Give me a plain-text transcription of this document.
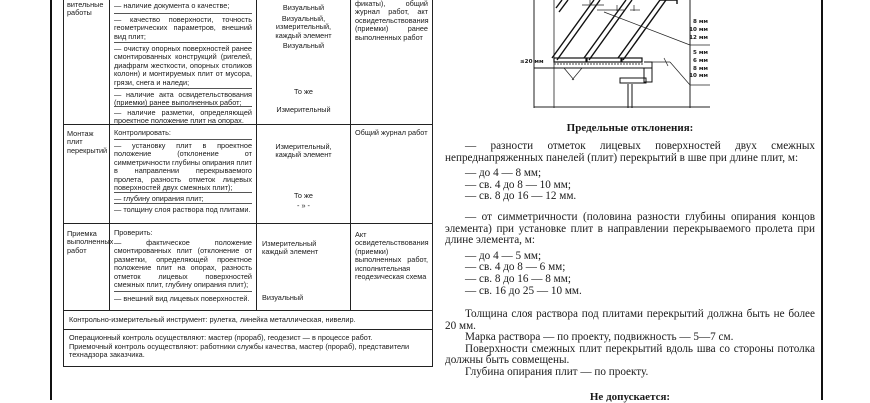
вительные работы
— наличие документа о качестве;
— качество поверхности, точность геометрических параметров, внешний вид плит;
— очистку опорных поверхностей ранее смонтированных конструкций (ригелей, диафрагм жесткости, опорных столиков колонн) и монтируемых плит от мусора, грязи, снега и наледи;
— наличие акта освидетельствования (приемки) ранее выполненных работ;
— наличие разметки, определяющей проектное положение плит на опорах.
Визуальный
Визуальный, измерительный, каждый элемент
Визуальный
То же
Измерительный
фикаты), общий журнал работ, акт освидетельствования (приемки) ранее выполненных работ
Монтаж плит перекрытий
Контролировать:
— установку плит в проектное положение (отклонение от симметричности глубины опирания плит в направлении перекрываемого пролета, разность отметок лицевых поверхностей двух смежных плит);
— глубину опирания плит;
— толщину слоя раствора под плитами.
Измерительный, каждый элемент
То же
- » -
Общий журнал работ
Приемка выполненных работ
Проверить:
— фактическое положение смонтированных плит (отклонение от разметки, определяющей проектное положение плит на опорах, разность отметок лицевых поверхностей смежных плит, глубину опирания плит);
— внешний вид лицевых поверхностей.
Измерительный каждый элемент
Визуальный
Акт освидетельствования (приемки) выполненных работ, исполнительная геодезическая схема
Контрольно-измерительный инструмент: рулетка, линейка металлическая, нивелир.
Операционный контроль осуществляют: мастер (прораб), геодезист — в процессе работ.
Приемочный контроль осуществляют: работники службы качества, мастер (прораб), представители технадзора заказчика.
≤20 мм
8 мм
10 мм
12 мм
5 мм
6 мм
8 мм
10 мм
Предельные отклонения:

— разности отметок лицевых поверхностей двух смежных непреднапряженных панелей (плит) перекрытий в шве при длине плит, м:

— до 4 — 8 мм;

— св. 4 до 8 — 10 мм;

— св. 8 до 16 — 12 мм.

— от симметричности (половина разности глубины опирания концов элемента) при установке плит в направлении перекрываемого пролета при длине элемента, м:

— до 4 — 5 мм;

— св. 4 до 8 — 6 мм;

— св. 8 до 16 — 8 мм;

— св. 16 до 25 — 10 мм.

Толщина слоя раствора под плитами перекрытий должна быть не более 20 мм.

Марка раствора — по проекту, подвижность — 5—7 см.

Поверхности смежных плит перекрытий вдоль шва со стороны потолка должны быть совмещены.

Глубина опирания плит — по проекту.

Не допускается:
